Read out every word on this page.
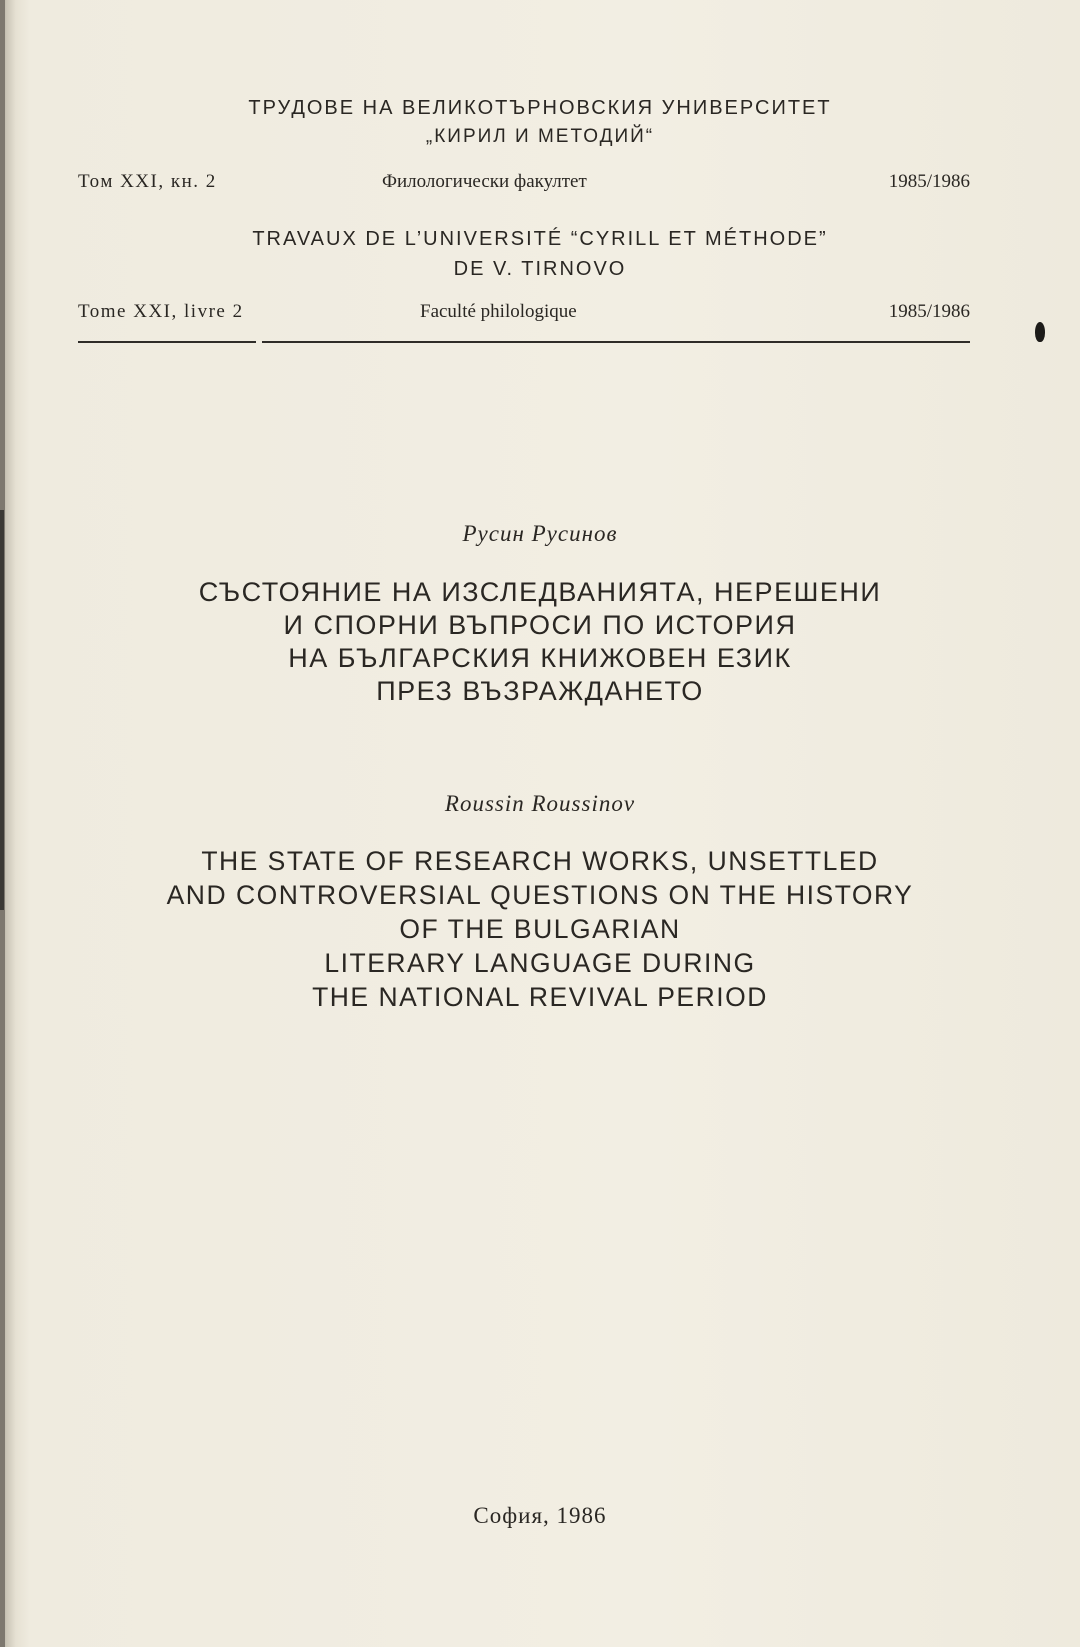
ТРУДОВЕ НА ВЕЛИКОТЪРНОВСКИЯ УНИВЕРСИТЕТ
„КИРИЛ И МЕТОДИЙ“
Том XXI, кн. 2	Филологически факултет	1985/1986
TRAVAUX DE L’UNIVERSITÉ “CYRILL ET MÉTHODE”
DE V. TIRNOVO
Tome XXI, livre 2	Faculté philologique	1985/1986
Русин Русинов
СЪСТОЯНИЕ НА ИЗСЛЕДВАНИЯТА, НЕРЕШЕНИ
И СПОРНИ ВЪПРОСИ ПО ИСТОРИЯ
НА БЪЛГАРСКИЯ КНИЖОВЕН ЕЗИК
ПРЕЗ ВЪЗРАЖДАНЕТО
Roussin Roussinov
THE STATE OF RESEARCH WORKS, UNSETTLED
AND CONTROVERSIAL QUESTIONS ON THE HISTORY
OF THE BULGARIAN
LITERARY LANGUAGE DURING
THE NATIONAL REVIVAL PERIOD
София, 1986
